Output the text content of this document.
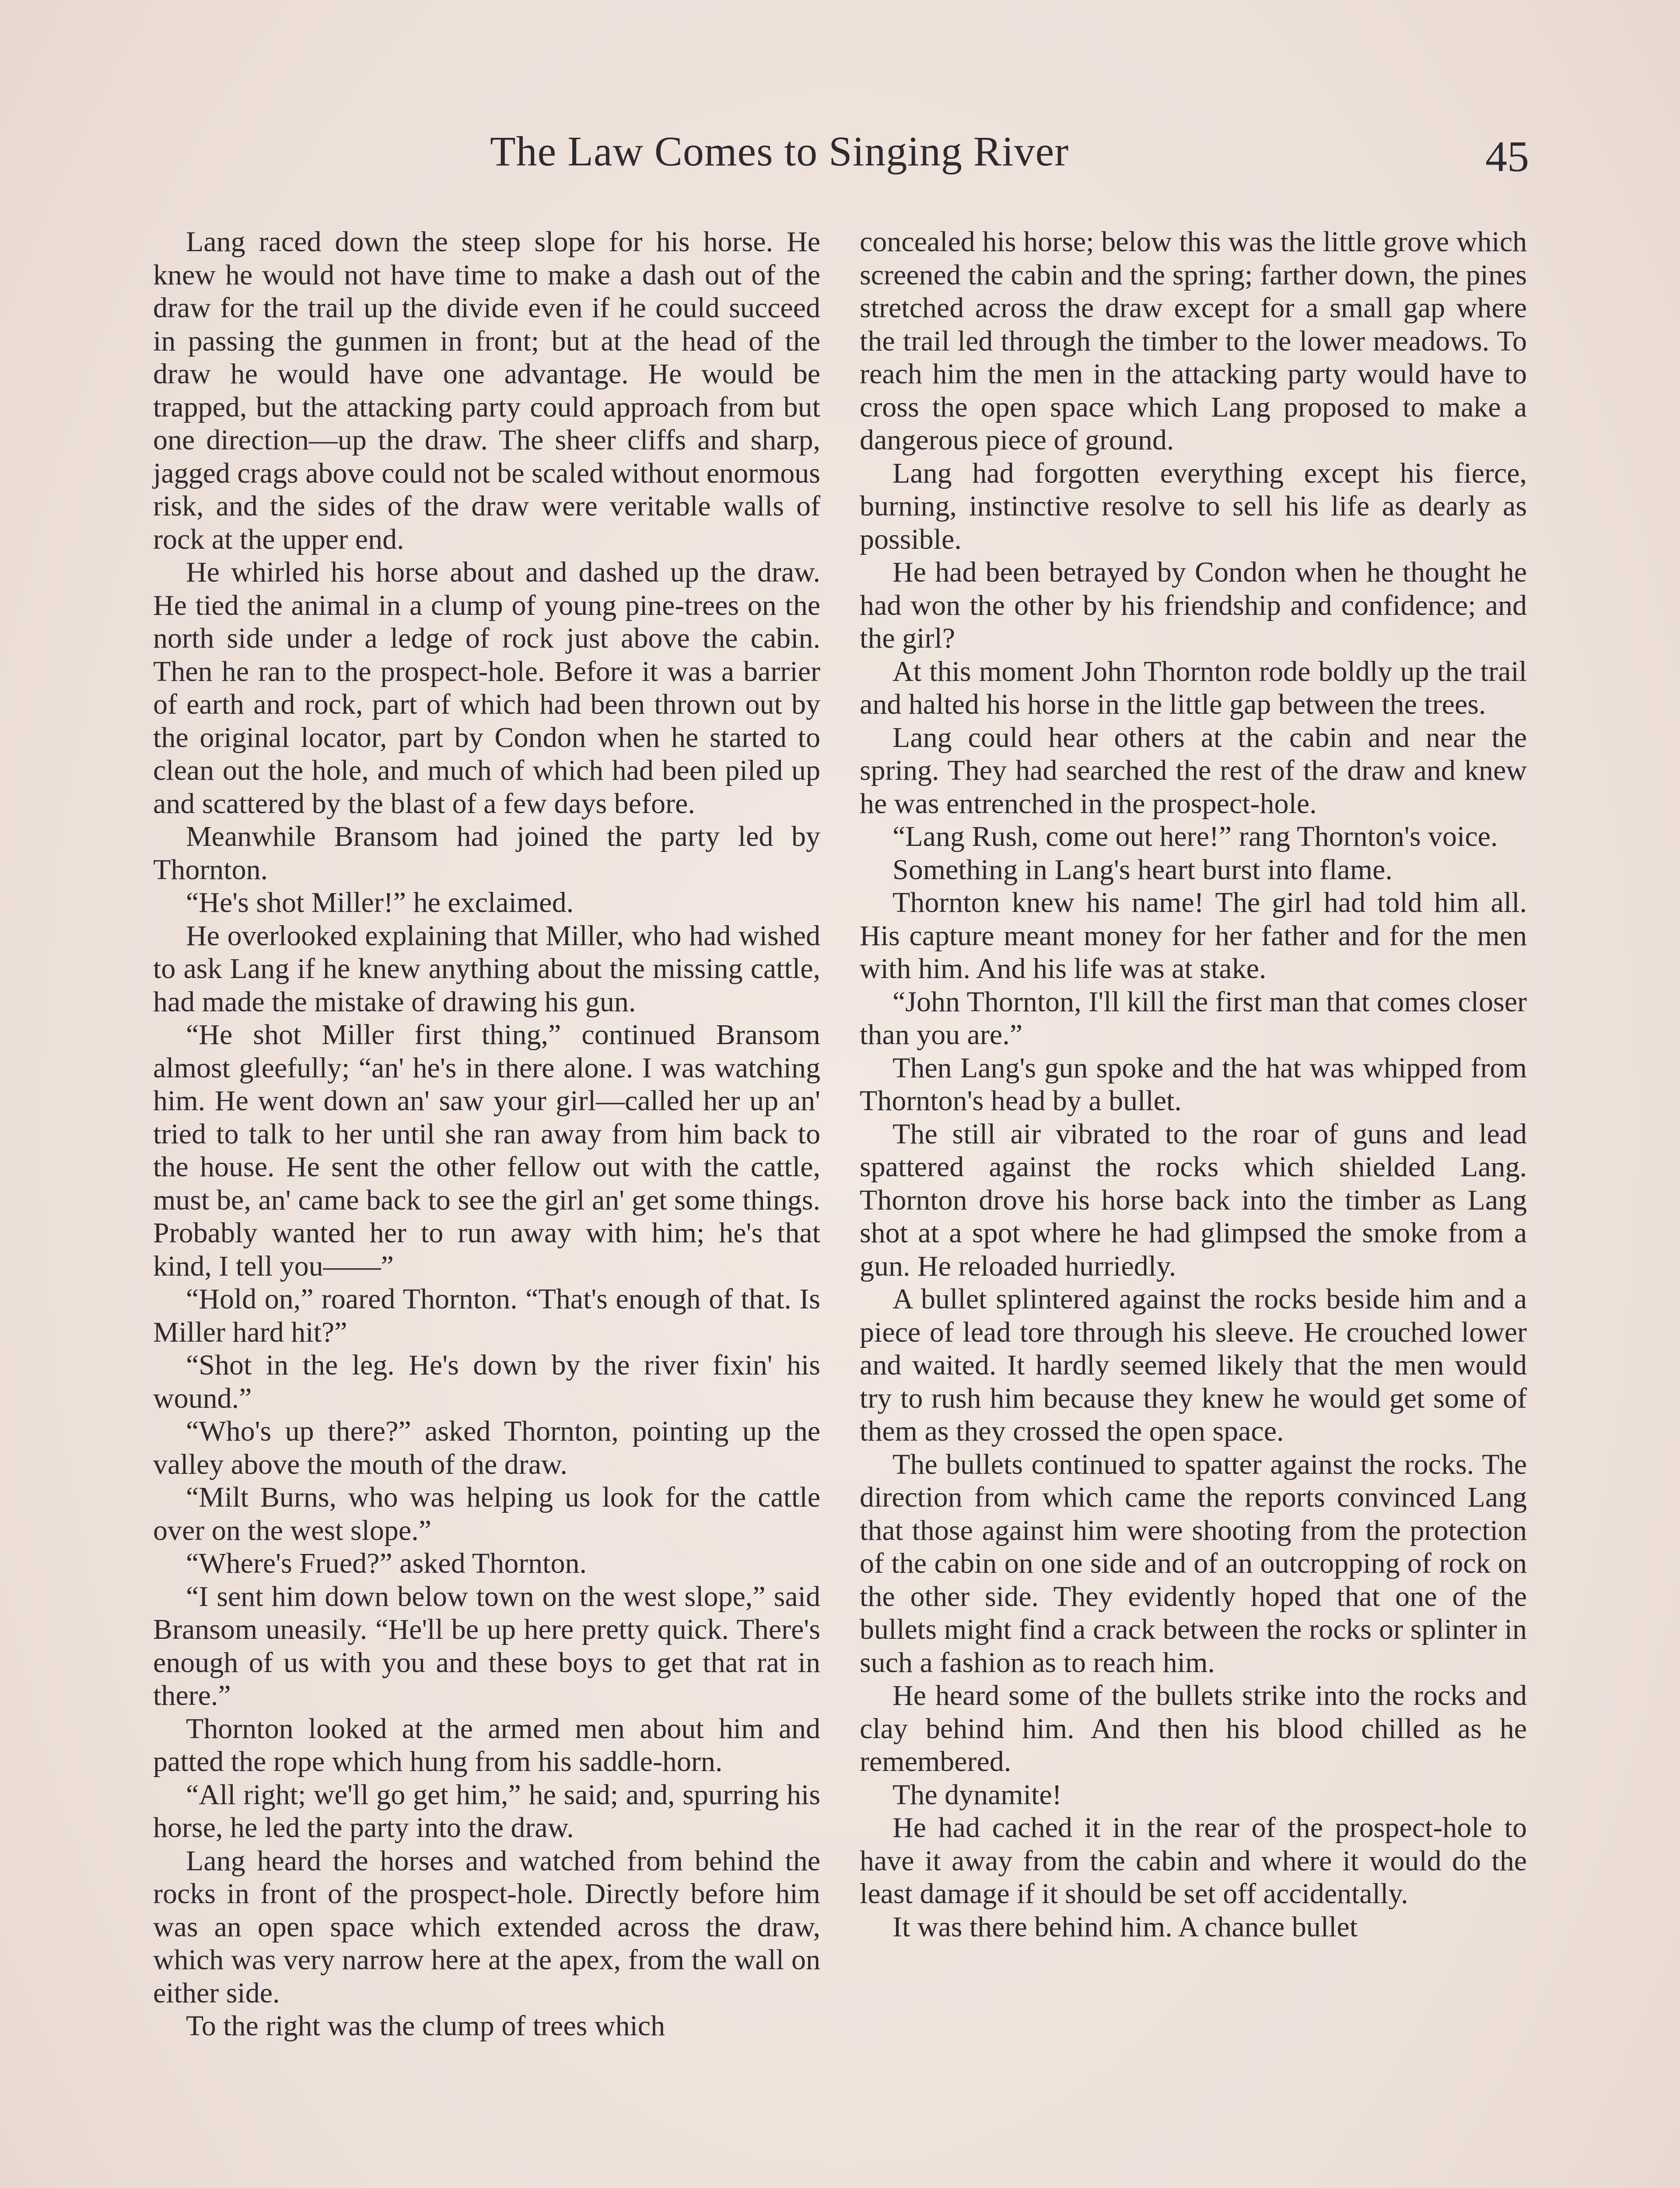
The Law Comes to Singing River	45

Lang raced down the steep slope for his horse. He knew he would not have time to make a dash out of the draw for the trail up the divide even if he could succeed in passing the gunmen in front; but at the head of the draw he would have one advantage. He would be trapped, but the attacking party could approach from but one direction—up the draw. The sheer cliffs and sharp, jagged crags above could not be scaled without enormous risk, and the sides of the draw were veritable walls of rock at the upper end.

He whirled his horse about and dashed up the draw. He tied the animal in a clump of young pine-trees on the north side under a ledge of rock just above the cabin. Then he ran to the prospect-hole. Before it was a barrier of earth and rock, part of which had been thrown out by the original locator, part by Condon when he started to clean out the hole, and much of which had been piled up and scattered by the blast of a few days before.

Meanwhile Bransom had joined the party led by Thornton.

“He's shot Miller!” he exclaimed.

He overlooked explaining that Miller, who had wished to ask Lang if he knew anything about the missing cattle, had made the mistake of drawing his gun.

“He shot Miller first thing,” continued Bransom almost gleefully; “an' he's in there alone. I was watching him. He went down an' saw your girl—called her up an' tried to talk to her until she ran away from him back to the house. He sent the other fellow out with the cattle, must be, an' came back to see the girl an' get some things. Probably wanted her to run away with him; he's that kind, I tell you——”

“Hold on,” roared Thornton. “That's enough of that. Is Miller hard hit?”

“Shot in the leg. He's down by the river fixin' his wound.”

“Who's up there?” asked Thornton, pointing up the valley above the mouth of the draw.

“Milt Burns, who was helping us look for the cattle over on the west slope.”

“Where's Frued?” asked Thornton.

“I sent him down below town on the west slope,” said Bransom uneasily. “He'll be up here pretty quick. There's enough of us with you and these boys to get that rat in there.”

Thornton looked at the armed men about him and patted the rope which hung from his saddle-horn.

“All right; we'll go get him,” he said; and, spurring his horse, he led the party into the draw.

Lang heard the horses and watched from behind the rocks in front of the prospect-hole. Directly before him was an open space which extended across the draw, which was very narrow here at the apex, from the wall on either side.

To the right was the clump of trees which

concealed his horse; below this was the little grove which screened the cabin and the spring; farther down, the pines stretched across the draw except for a small gap where the trail led through the timber to the lower meadows. To reach him the men in the attacking party would have to cross the open space which Lang proposed to make a dangerous piece of ground.

Lang had forgotten everything except his fierce, burning, instinctive resolve to sell his life as dearly as possible.

He had been betrayed by Condon when he thought he had won the other by his friendship and confidence; and the girl?

At this moment John Thornton rode boldly up the trail and halted his horse in the little gap between the trees.

Lang could hear others at the cabin and near the spring. They had searched the rest of the draw and knew he was entrenched in the prospect-hole.

“Lang Rush, come out here!” rang Thornton's voice.

Something in Lang's heart burst into flame.

Thornton knew his name! The girl had told him all. His capture meant money for her father and for the men with him. And his life was at stake.

“John Thornton, I'll kill the first man that comes closer than you are.”

Then Lang's gun spoke and the hat was whipped from Thornton's head by a bullet.

The still air vibrated to the roar of guns and lead spattered against the rocks which shielded Lang. Thornton drove his horse back into the timber as Lang shot at a spot where he had glimpsed the smoke from a gun. He reloaded hurriedly.

A bullet splintered against the rocks beside him and a piece of lead tore through his sleeve. He crouched lower and waited. It hardly seemed likely that the men would try to rush him because they knew he would get some of them as they crossed the open space.

The bullets continued to spatter against the rocks. The direction from which came the reports convinced Lang that those against him were shooting from the protection of the cabin on one side and of an outcropping of rock on the other side. They evidently hoped that one of the bullets might find a crack between the rocks or splinter in such a fashion as to reach him.

He heard some of the bullets strike into the rocks and clay behind him. And then his blood chilled as he remembered.

The dynamite!

He had cached it in the rear of the prospect-hole to have it away from the cabin and where it would do the least damage if it should be set off accidentally.

It was there behind him. A chance bullet
